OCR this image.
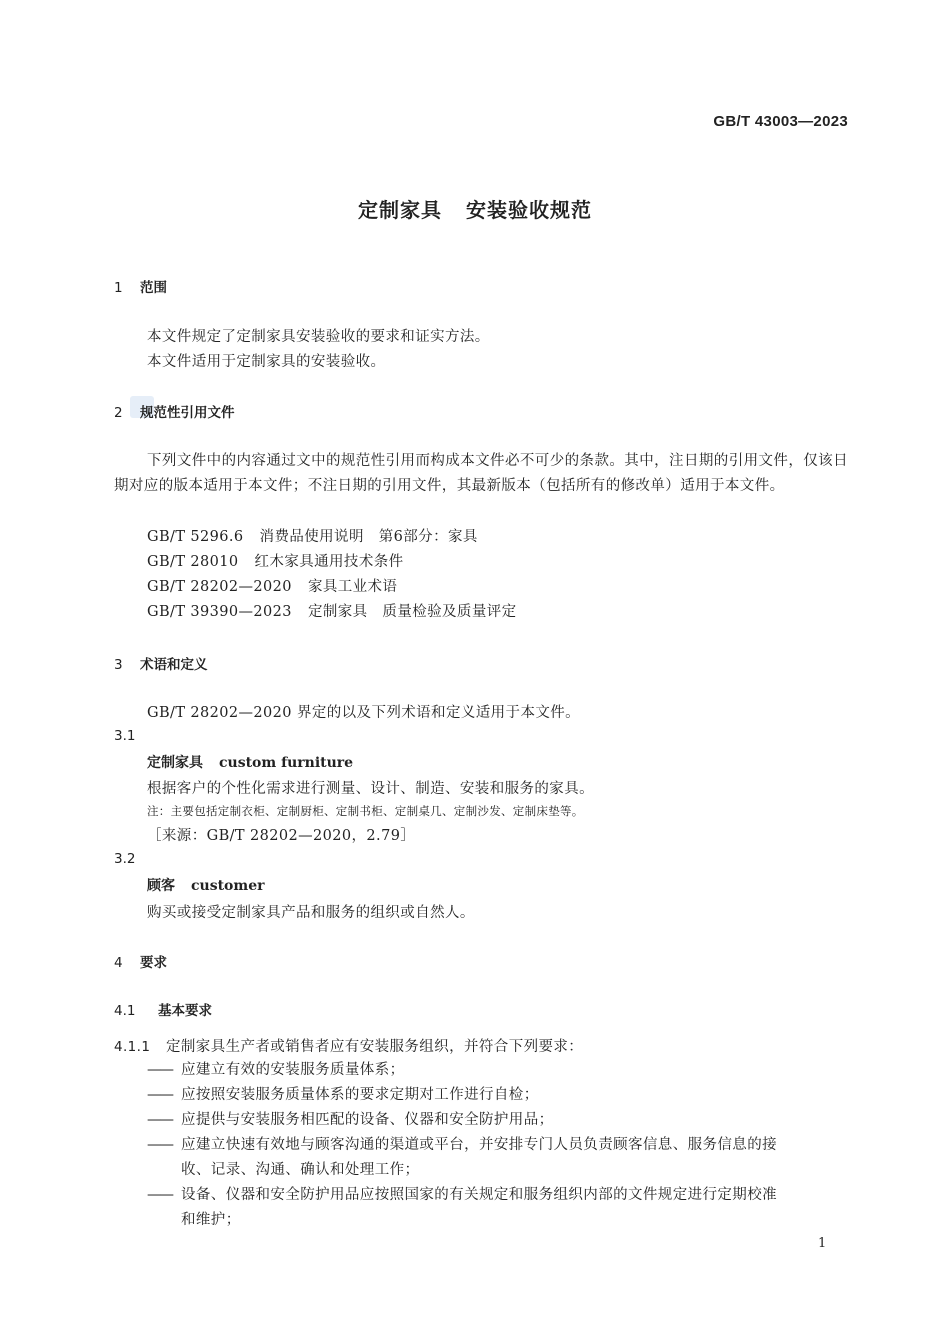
GB/T 43003—2023
定制家具 安装验收规范
1 范围
本文件规定了定制家具安装验收的要求和证实方法。
本文件适用于定制家具的安装验收。
2 规范性引用文件
下列文件中的内容通过文中的规范性引用而构成本文件必不可少的条款。其中，注日期的引用文件，仅该日期对应的版本适用于本文件；不注日期的引用文件，其最新版本（包括所有的修改单）适用于本文件。
GB/T 5296.6 消费品使用说明　第6部分：家具
GB/T 28010 红木家具通用技术条件
GB/T 28202—2020 家具工业术语
GB/T 39390—2023 定制家具　质量检验及质量评定
3 术语和定义
GB/T 28202—2020 界定的以及下列术语和定义适用于本文件。
3.1
定制家具 custom furniture
根据客户的个性化需求进行测量、设计、制造、安装和服务的家具。
注：主要包括定制衣柜、定制厨柜、定制书柜、定制桌几、定制沙发、定制床垫等。
［来源：GB/T 28202—2020，2.79］
3.2
顾客 customer
购买或接受定制家具产品和服务的组织或自然人。
4 要求
4.1 基本要求
4.1.1 定制家具生产者或销售者应有安装服务组织，并符合下列要求：
—— 应建立有效的安装服务质量体系；
—— 应按照安装服务质量体系的要求定期对工作进行自检；
—— 应提供与安装服务相匹配的设备、仪器和安全防护用品；
—— 应建立快速有效地与顾客沟通的渠道或平台，并安排专门人员负责顾客信息、服务信息的接
收、记录、沟通、确认和处理工作；
—— 设备、仪器和安全防护用品应按照国家的有关规定和服务组织内部的文件规定进行定期校准
和维护；
1
